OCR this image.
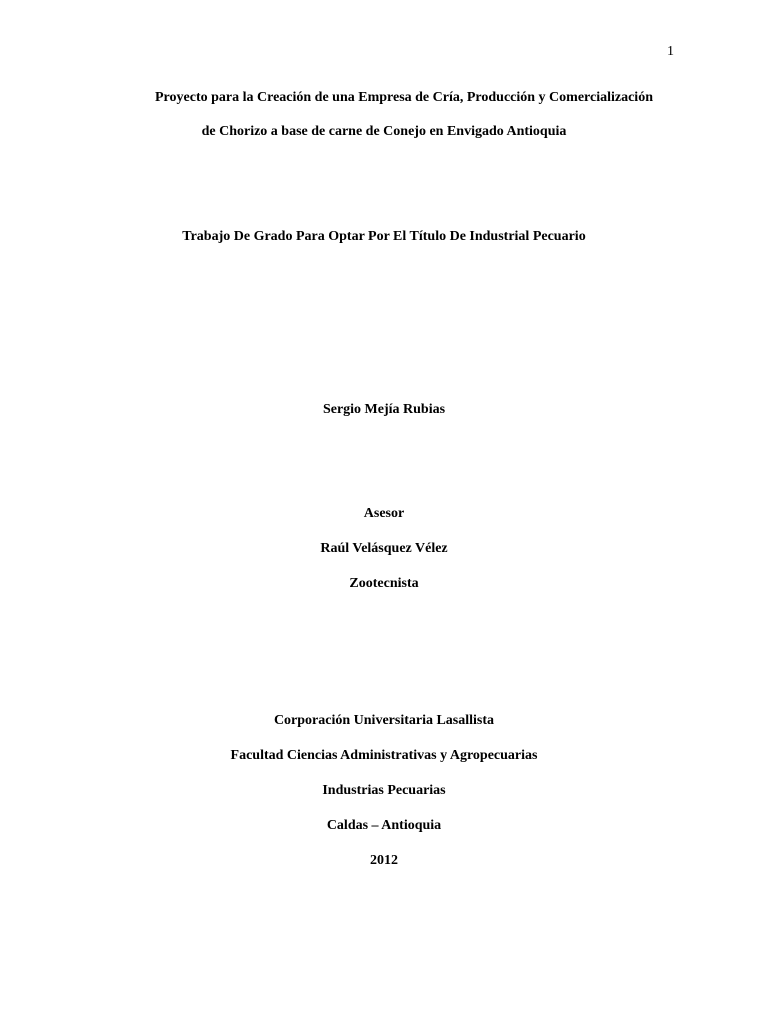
1
Proyecto para la Creación de una Empresa de Cría, Producción y Comercialización
de Chorizo a base de carne de Conejo en Envigado Antioquia
Trabajo De Grado Para Optar Por El Título De Industrial Pecuario
Sergio Mejía Rubias
Asesor
Raúl Velásquez Vélez
Zootecnista
Corporación Universitaria Lasallista
Facultad Ciencias Administrativas y Agropecuarias
Industrias Pecuarias
Caldas – Antioquia
2012
